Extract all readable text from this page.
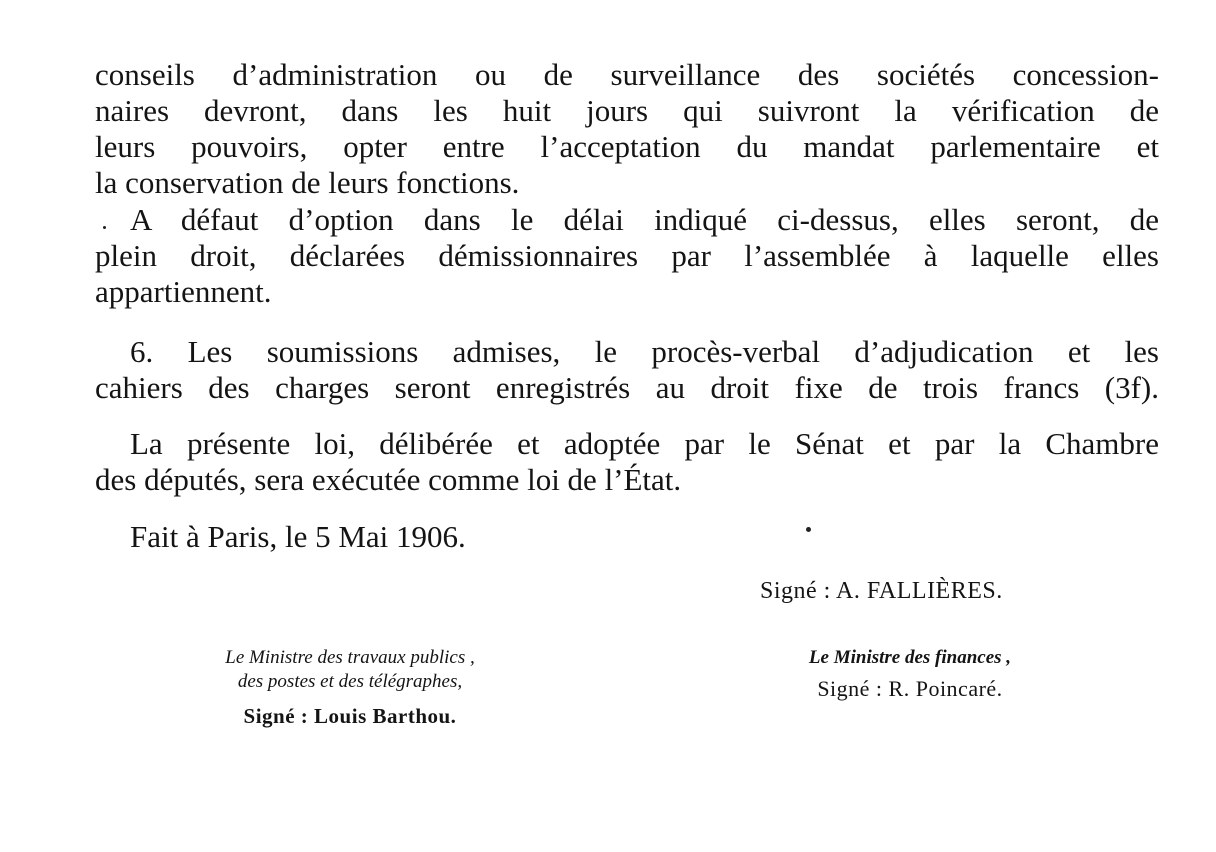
conseils d’administration ou de surveillance des sociétés concession-
naires devront, dans les huit jours qui suivront la vérification de
leurs pouvoirs, opter entre l’acceptation du mandat parlementaire et
la conservation de leurs fonctions.
A défaut d’option dans le délai indiqué ci-dessus, elles seront, de
plein droit, déclarées démissionnaires par l’assemblée à laquelle elles
appartiennent.
6. Les soumissions admises, le procès-verbal d’adjudication et les
cahiers des charges seront enregistrés au droit fixe de trois francs (3f).
La présente loi, délibérée et adoptée par le Sénat et par la Chambre
des députés, sera exécutée comme loi de l’État.
Fait à Paris, le 5 Mai 1906.
Signé : A. FALLIÈRES.
Le Ministre des travaux publics ,
des postes et des télégraphes,
Signé : Louis Barthou.
Le Ministre des finances ,
Signé : R. Poincaré.
